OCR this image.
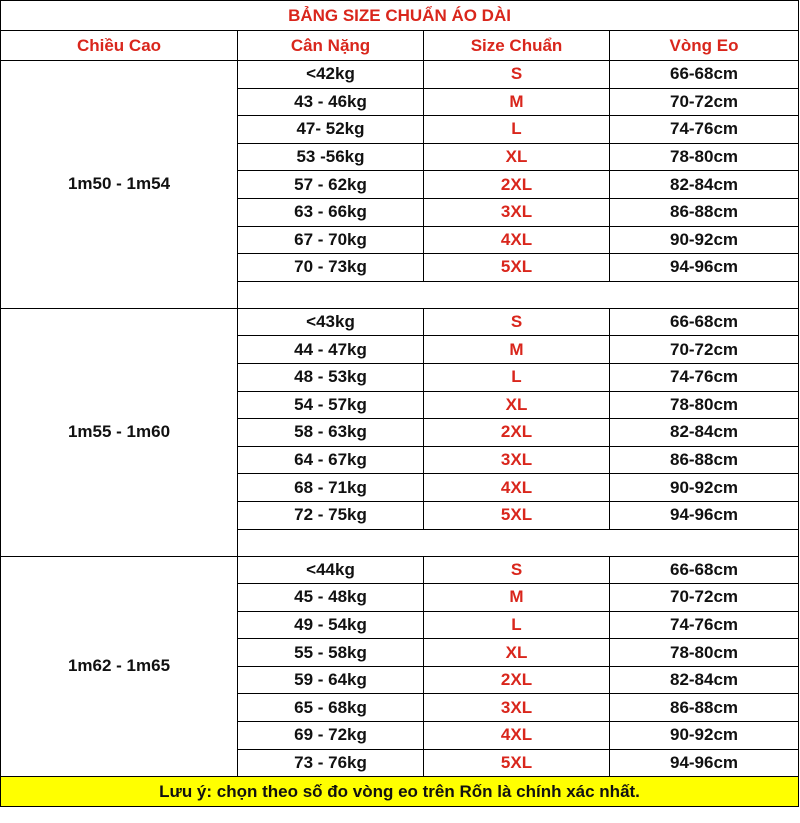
BẢNG SIZE CHUẨN ÁO DÀI			
Chiều Cao	Cân Nặng	Size Chuẩn	Vòng Eo
1m50 - 1m54	<42kg	S	66-68cm
	43 - 46kg	M	70-72cm
	47- 52kg	L	74-76cm
	53 -56kg	XL	78-80cm
	57 - 62kg	2XL	82-84cm
	63 - 66kg	3XL	86-88cm
	67 - 70kg	4XL	90-92cm
	70 - 73kg	5XL	94-96cm

1m55 - 1m60	<43kg	S	66-68cm
	44 - 47kg	M	70-72cm
	48 - 53kg	L	74-76cm
	54 - 57kg	XL	78-80cm
	58 - 63kg	2XL	82-84cm
	64 - 67kg	3XL	86-88cm
	68 - 71kg	4XL	90-92cm
	72 - 75kg	5XL	94-96cm

1m62 - 1m65	<44kg	S	66-68cm
	45 - 48kg	M	70-72cm
	49 - 54kg	L	74-76cm
	55 - 58kg	XL	78-80cm
	59 - 64kg	2XL	82-84cm
	65 - 68kg	3XL	86-88cm
	69 - 72kg	4XL	90-92cm
	73 - 76kg	5XL	94-96cm
Lưu ý: chọn theo số đo vòng eo trên Rốn là chính xác nhất.			
